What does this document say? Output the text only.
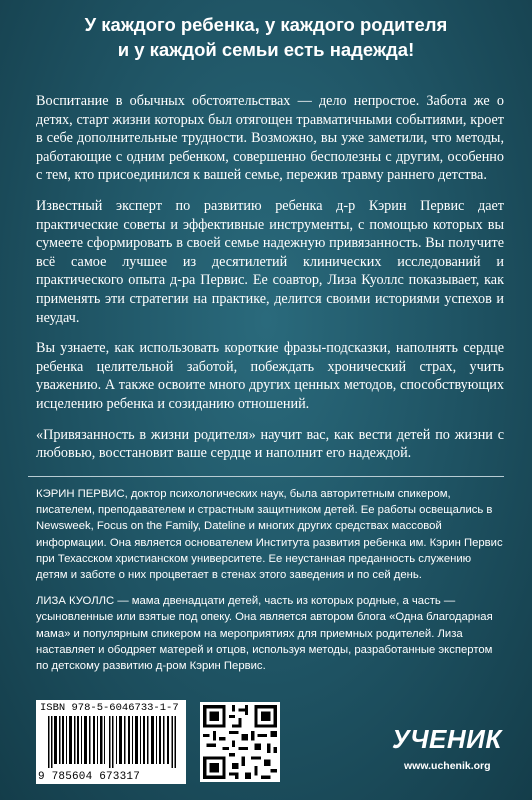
У каждого ребенка, у каждого родителя
и у каждой семьи есть надежда!

Воспитание в обычных обстоятельствах — дело непростое. Забота же о детях, старт жизни которых был отягощен травматичными событиями, кроет в себе дополнительные трудности. Возможно, вы уже заметили, что методы, работающие с одним ребенком, совершенно бесполезны с другим, особенно с тем, кто присоединился к вашей семье, пережив травму раннего детства.

Известный эксперт по развитию ребенка д-р Кэрин Первис дает практические советы и эффективные инструменты, с помощью которых вы сумеете сформировать в своей семье надежную привязанность. Вы получите всё самое лучшее из десятилетий клинических исследований и практического опыта д-ра Первис. Ее соавтор, Лиза Куоллс показывает, как применять эти стратегии на практике, делится своими историями успехов и неудач.

Вы узнаете, как использовать короткие фразы-подсказки, наполнять сердце ребенка целительной заботой, побеждать хронический страх, учить уважению. А также освоите много других ценных методов, способствующих исцелению ребенка и созиданию отношений.

«Привязанность в жизни родителя» научит вас, как вести детей по жизни с любовью, восстановит ваше сердце и наполнит его надеждой.

КЭРИН ПЕРВИС, доктор психологических наук, была авторитетным спикером, писателем, преподавателем и страстным защитником детей. Ее работы освещались в Newsweek, Focus on the Family, Dateline и многих других средствах массовой информации. Она является основателем Института развития ребенка им. Кэрин Первис при Техасском христианском университете. Ее неустанная преданность служению детям и заботе о них процветает в стенах этого заведения и по сей день.

ЛИЗА КУОЛЛС — мама двенадцати детей, часть из которых родные, а часть — усыновленные или взятые под опеку. Она является автором блога «Одна благодарная мама» и популярным спикером на мероприятиях для приемных родителей. Лиза наставляет и ободряет матерей и отцов, используя методы, разработанные экспертом по детскому развитию д-ром Кэрин Первис.

ISBN 978-5-6046733-1-7
9 785604 673317
УЧЕНИК
www.uchenik.org
